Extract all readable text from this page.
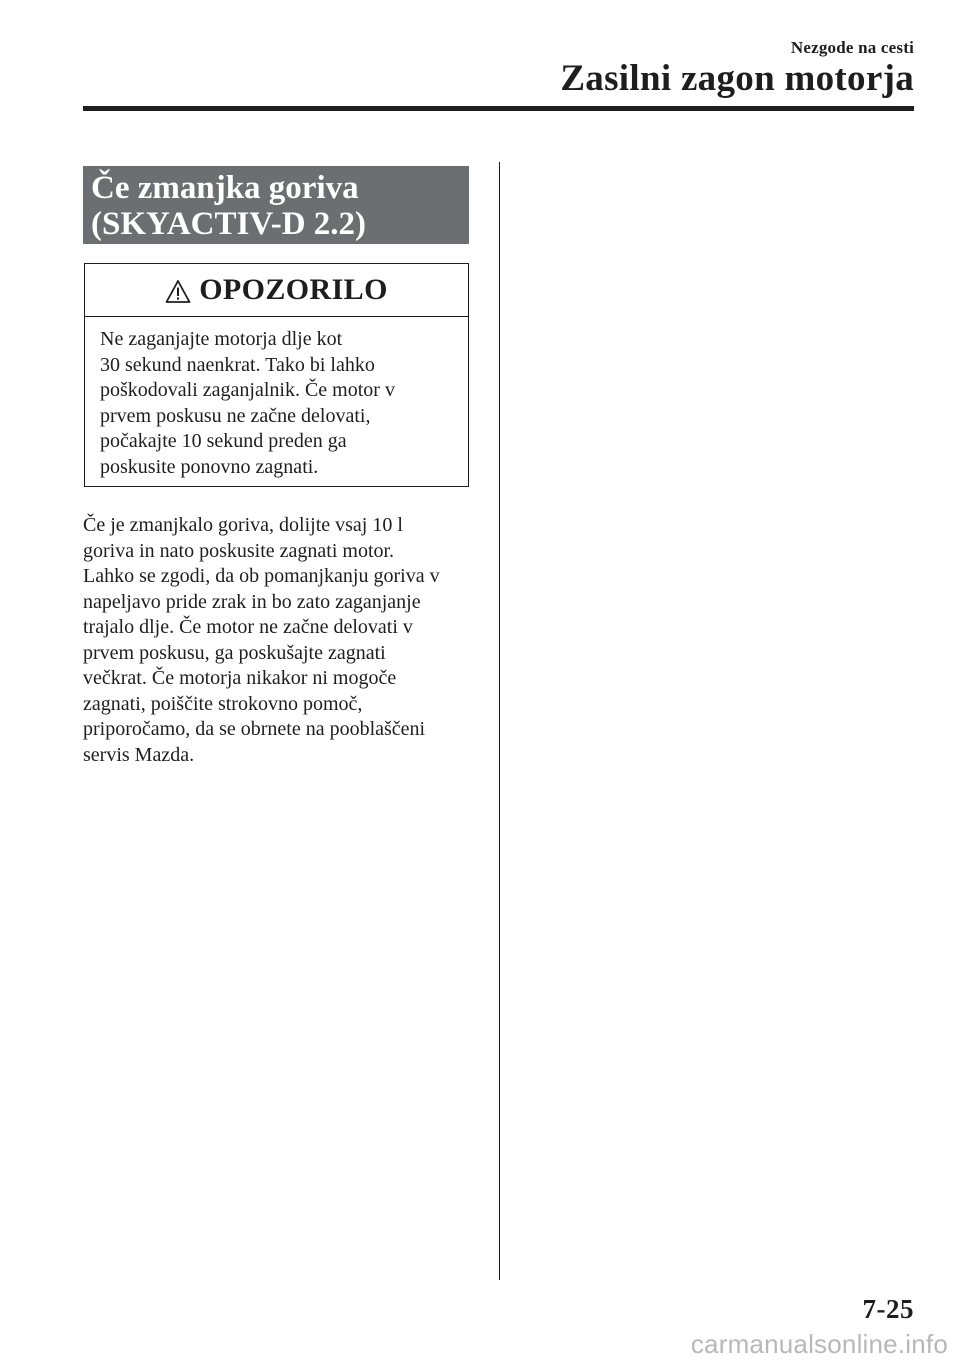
Nezgode na cesti
Zasilni zagon motorja
Če zmanjka goriva
(SKYACTIV-D 2.2)
OPOZORILO
Ne zaganjajte motorja dlje kot
30 sekund naenkrat. Tako bi lahko
poškodovali zaganjalnik. Če motor v
prvem poskusu ne začne delovati,
počakajte 10 sekund preden ga
poskusite ponovno zagnati.
Če je zmanjkalo goriva, dolijte vsaj 10 l
goriva in nato poskusite zagnati motor.
Lahko se zgodi, da ob pomanjkanju goriva v
napeljavo pride zrak in bo zato zaganjanje
trajalo dlje. Če motor ne začne delovati v
prvem poskusu, ga poskušajte zagnati
večkrat. Če motorja nikakor ni mogoče
zagnati, poiščite strokovno pomoč,
priporočamo, da se obrnete na pooblaščeni
servis Mazda.
7-25
carmanualsonline.info
